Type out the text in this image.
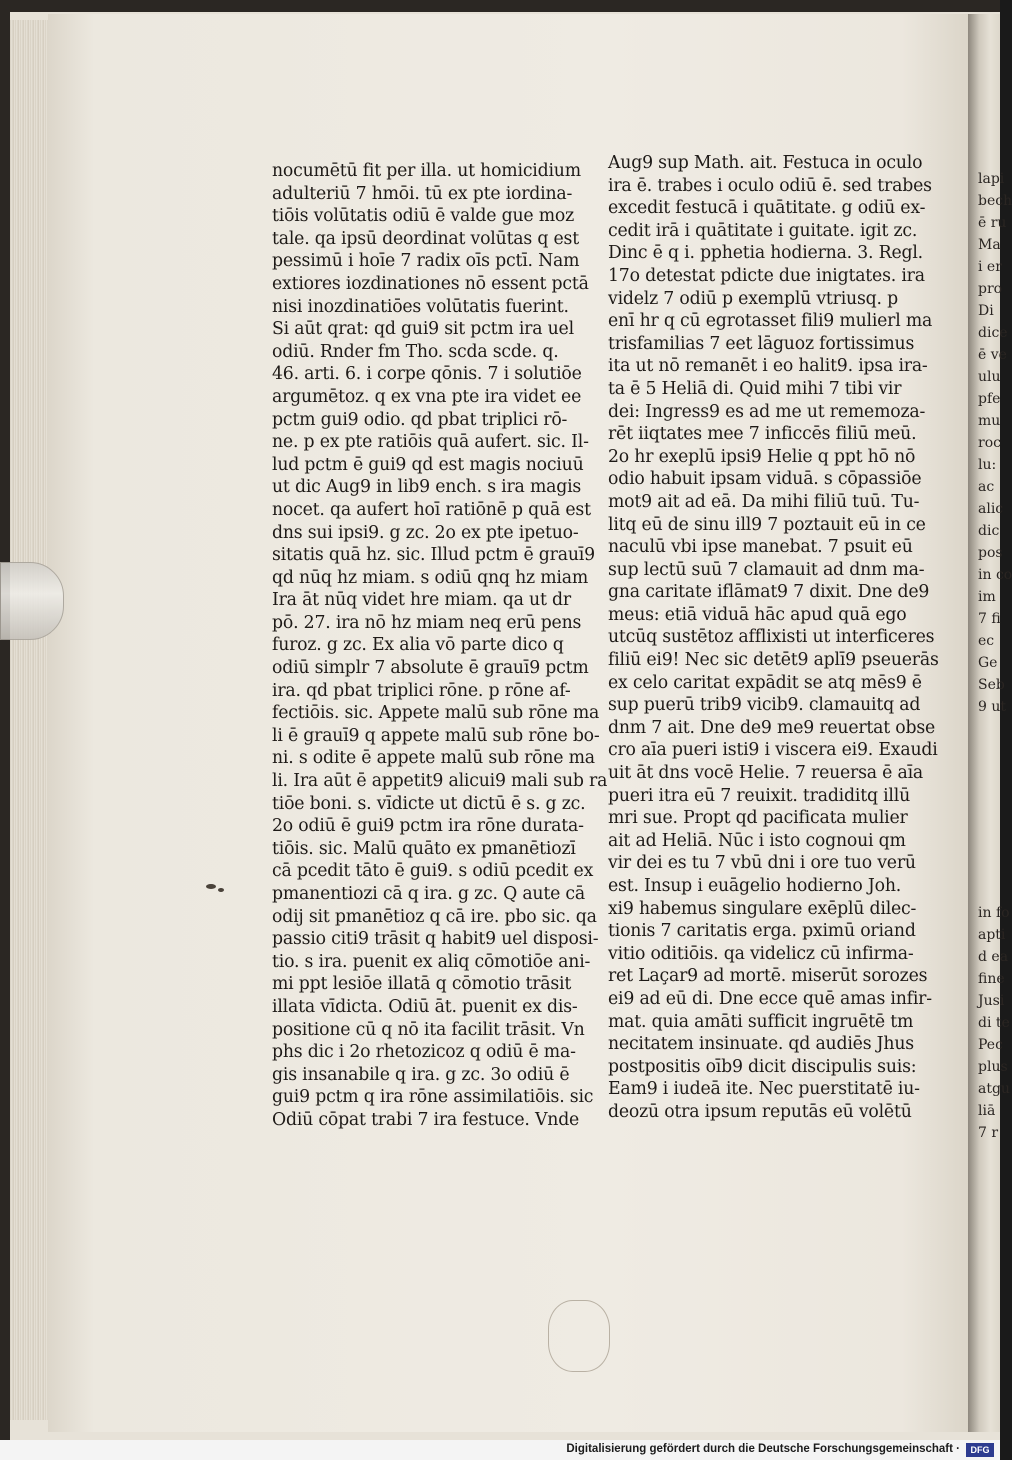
nocumētū fit per illa. ut homicidium
adulteriū 7 hmōi. tū ex pte iordina-
tiōis volūtatis odiū ē valde gue moz
tale. qa ipsū deordinat volūtas q est
pessimū i hoīe 7 radix oīs pctī. Nam
extiores iozdinationes nō essent pctā
nisi inozdinatiōes volūtatis fuerint.
Si aūt qrat: qd gui9 sit pctm ira uel
odiū. Rnder fm Tho. scda scde. q.
46. arti. 6. i corpe qōnis. 7 i solutiōe
argumētoz. q ex vna pte ira videt ee
pctm gui9 odio. qd pbat triplici rō-
ne. p ex pte ratiōis quā aufert. sic. Il-
lud pctm ē gui9 qd est magis nociuū
ut dic Aug9 in lib9 ench. s ira magis
nocet. qa aufert hoī ratiōnē p quā est
dns sui ipsi9. g zc. 2o ex pte ipetuo-
sitatis quā hz. sic. Illud pctm ē grauī9
qd nūq hz miam. s odiū qnq hz miam
Ira āt nūq videt hre miam. qa ut dr
pō. 27. ira nō hz miam neq erū pens
furoz. g zc. Ex alia vō parte dico q
odiū simplr 7 absolute ē grauī9 pctm
ira. qd pbat triplici rōne. p rōne af-
fectiōis. sic. Appete malū sub rōne ma
li ē grauī9 q appete malū sub rōne bo-
ni. s odite ē appete malū sub rōne ma
li. Ira aūt ē appetit9 alicui9 mali sub ra
tiōe boni. s. vīdicte ut dictū ē s. g zc.
2o odiū ē gui9 pctm ira rōne durata-
tiōis. sic. Malū quāto ex pmanētiozī
cā pcedit tāto ē gui9. s odiū pcedit ex
pmanentiozi cā q ira. g zc. Q aute cā
odij sit pmanētioz q cā ire. pbo sic. qa
passio citi9 trāsit q habit9 uel disposi-
tio. s ira. puenit ex aliq cōmotiōe ani-
mi ppt lesiōe illatā q cōmotio trāsit
illata vīdicta. Odiū āt. puenit ex dis-
positione cū q nō ita facilit trāsit. Vn
phs dic i 2o rhetozicoz q odiū ē ma-
gis insanabile q ira. g zc. 3o odiū ē
gui9 pctm q ira rōne assimilatiōis. sic
Odiū cōpat trabi 7 ira festuce. Vnde
Aug9 sup Math. ait. Festuca in oculo
ira ē. trabes i oculo odiū ē. sed trabes
excedit festucā i quātitate. g odiū ex-
cedit irā i quātitate i guitate. igit zc.
Dinc ē q i. pphetia hodierna. 3. Regl.
17o detestat pdicte due inigtates. ira
videlz 7 odiū p exemplū vtriusq. p
enī hr q cū egrotasset fili9 mulierl ma
trisfamilias 7 eet lāguoz fortissimus
ita ut nō remanēt i eo halit9. ipsa ira-
ta ē 5 Heliā di. Quid mihi 7 tibi vir
dei: Ingress9 es ad me ut rememoza-
rēt iiqtates mee 7 inficcēs filiū meū.
2o hr exeplū ipsi9 Helie q ppt hō nō
odio habuit ipsam viduā. s cōpassiōe
mot9 ait ad eā. Da mihi filiū tuū. Tu-
litq eū de sinu ill9 7 poztauit eū in ce
naculū vbi ipse manebat. 7 psuit eū
sup lectū suū 7 clamauit ad dnm ma-
gna caritate iflāmat9 7 dixit. Dne de9
meus: etiā viduā hāc apud quā ego
utcūq sustētoz afflixisti ut interficeres
filiū ei9! Nec sic detēt9 aplī9 pseuerās
ex celo caritat expādit se atq mēs9 ē
sup puerū trib9 vicib9. clamauitq ad
dnm 7 ait. Dne de9 me9 reuertat obse
cro aīa pueri isti9 i viscera ei9. Exaudi
uit āt dns vocē Helie. 7 reuersa ē aīa
pueri itra eū 7 reuixit. tradiditq illū
mri sue. Propt qd pacificata mulier
ait ad Heliā. Nūc i isto cognoui qm
vir dei es tu 7 vbū dni i ore tuo verū
est. Insup i euāgelio hodierno Joh.
xi9 habemus singulare exēplū dilec-
tionis 7 caritatis erga. pximū oriand
vitio oditiōis. qa videlicz cū infirma-
ret Laçar9 ad mortē. miserūt sorozes
ei9 ad eū di. Dne ecce quē amas infir-
mat. quia amāti sufficit ingruētē tm
necitatem insinuate. qd audiēs Jhus
postpositis oīb9 dicit discipulis suis:
Eam9 i iudeā ite. Nec puerstitatē iu-
deozū otra ipsum reputās eū volētū
lapi
bech
ē ru
Ma
i er
pro
Di
dice
ē ve
ulu
pfe
mu
roc
lu:
ac
alic
dic
pos
in co
im
7 fi
ec
Ge
Seb
9 ut
in fo
apti
d ea
fine
Jusi
di te
Pec
plus
atgu
liā
7 r
Digitalisierung gefördert durch die Deutsche Forschungsgemeinschaft ·	DFG
